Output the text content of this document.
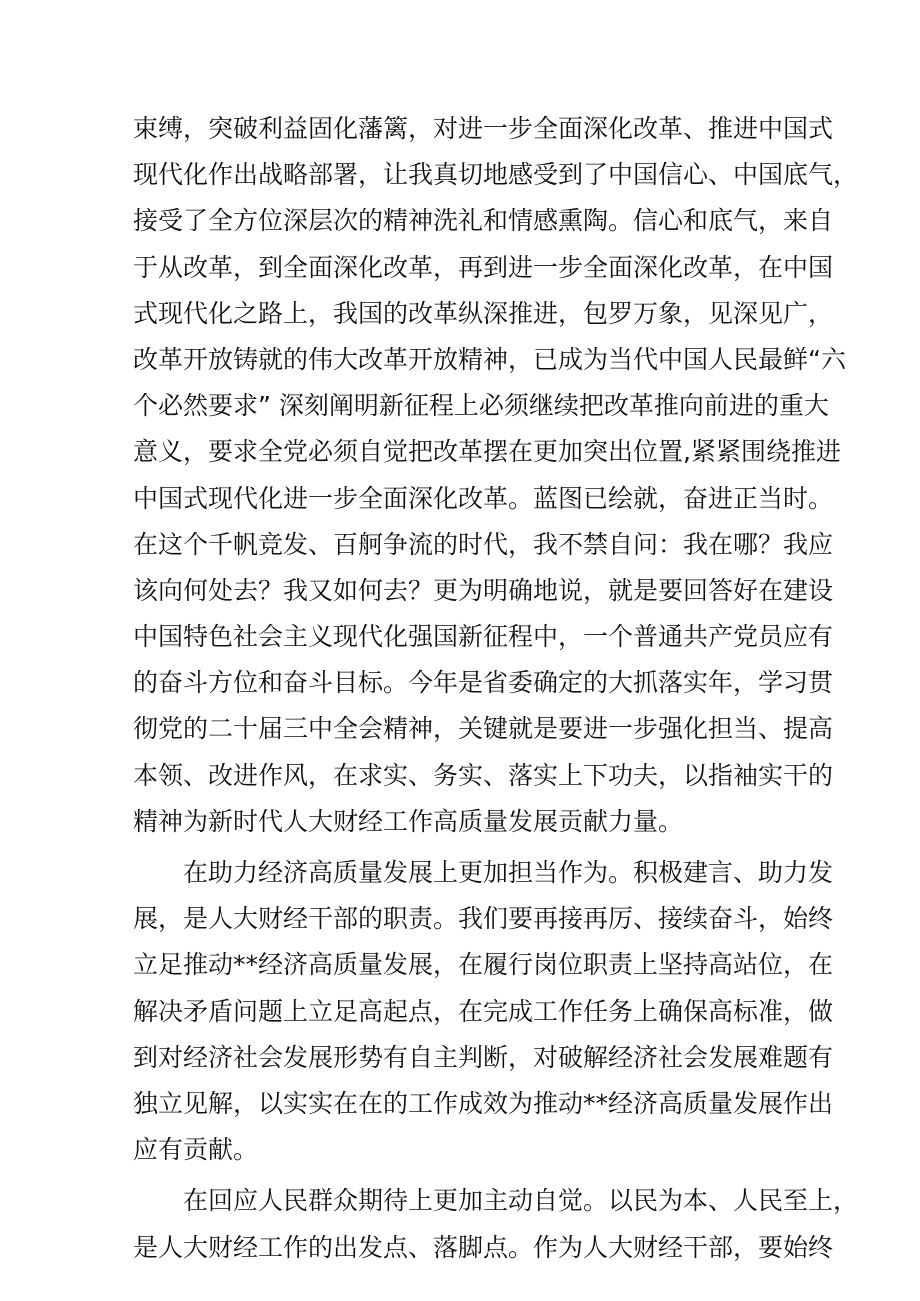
束缚，突破利益固化藩篱，对进一步全面深化改革、推进中国式
现代化作出战略部署，让我真切地感受到了中国信心、中国底气，
接受了全方位深层次的精神洗礼和情感熏陶。信心和底气，来自
于从改革，到全面深化改革，再到进一步全面深化改革，在中国
式现代化之路上，我国的改革纵深推进，包罗万象，见深见广，
改革开放铸就的伟大改革开放精神，已成为当代中国人民最鲜“六
个必然要求” 深刻阐明新征程上必须继续把改革推向前进的重大
意义，要求全党必须自觉把改革摆在更加突出位置,紧紧围绕推进
中国式现代化进一步全面深化改革。蓝图已绘就，奋进正当时。
在这个千帆竞发、百舸争流的时代，我不禁自问：我在哪？我应
该向何处去？我又如何去？更为明确地说，就是要回答好在建设
中国特色社会主义现代化强国新征程中，一个普通共产党员应有
的奋斗方位和奋斗目标。今年是省委确定的大抓落实年，学习贯
彻党的二十届三中全会精神，关键就是要进一步强化担当、提高
本领、改进作风，在求实、务实、落实上下功夫，以指袖实干的
精神为新时代人大财经工作高质量发展贡献力量。
在助力经济高质量发展上更加担当作为。积极建言、助力发
展，是人大财经干部的职责。我们要再接再厉、接续奋斗，始终
立足推动**经济高质量发展，在履行岗位职责上坚持高站位，在
解决矛盾问题上立足高起点，在完成工作任务上确保高标准，做
到对经济社会发展形势有自主判断，对破解经济社会发展难题有
独立见解，以实实在在的工作成效为推动**经济高质量发展作出
应有贡献。
在回应人民群众期待上更加主动自觉。以民为本、人民至上，
是人大财经工作的出发点、落脚点。作为人大财经干部，要始终
